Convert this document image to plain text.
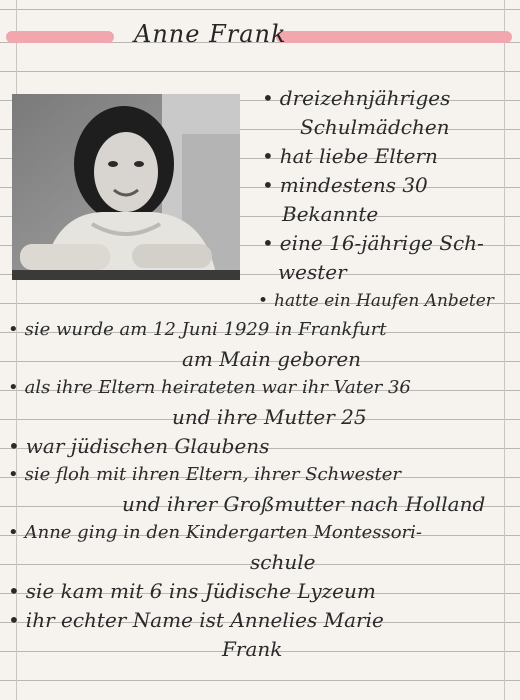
Anne Frank
• dreizehnjähriges
Schulmädchen
• hat liebe Eltern
• mindestens 30
Bekannte
• eine 16-jährige Sch-
wester
• hatte ein Haufen Anbeter
• sie wurde am 12 Juni 1929 in Frankfurt
am Main geboren
• als ihre Eltern heirateten war ihr Vater 36
und ihre Mutter 25
• war jüdischen Glaubens
• sie floh mit ihren Eltern, ihrer Schwester
und ihrer Großmutter nach Holland
• Anne ging in den Kindergarten Montessori-
schule
• sie kam mit 6 ins Jüdische Lyzeum
• ihr echter Name ist Annelies Marie
Frank
